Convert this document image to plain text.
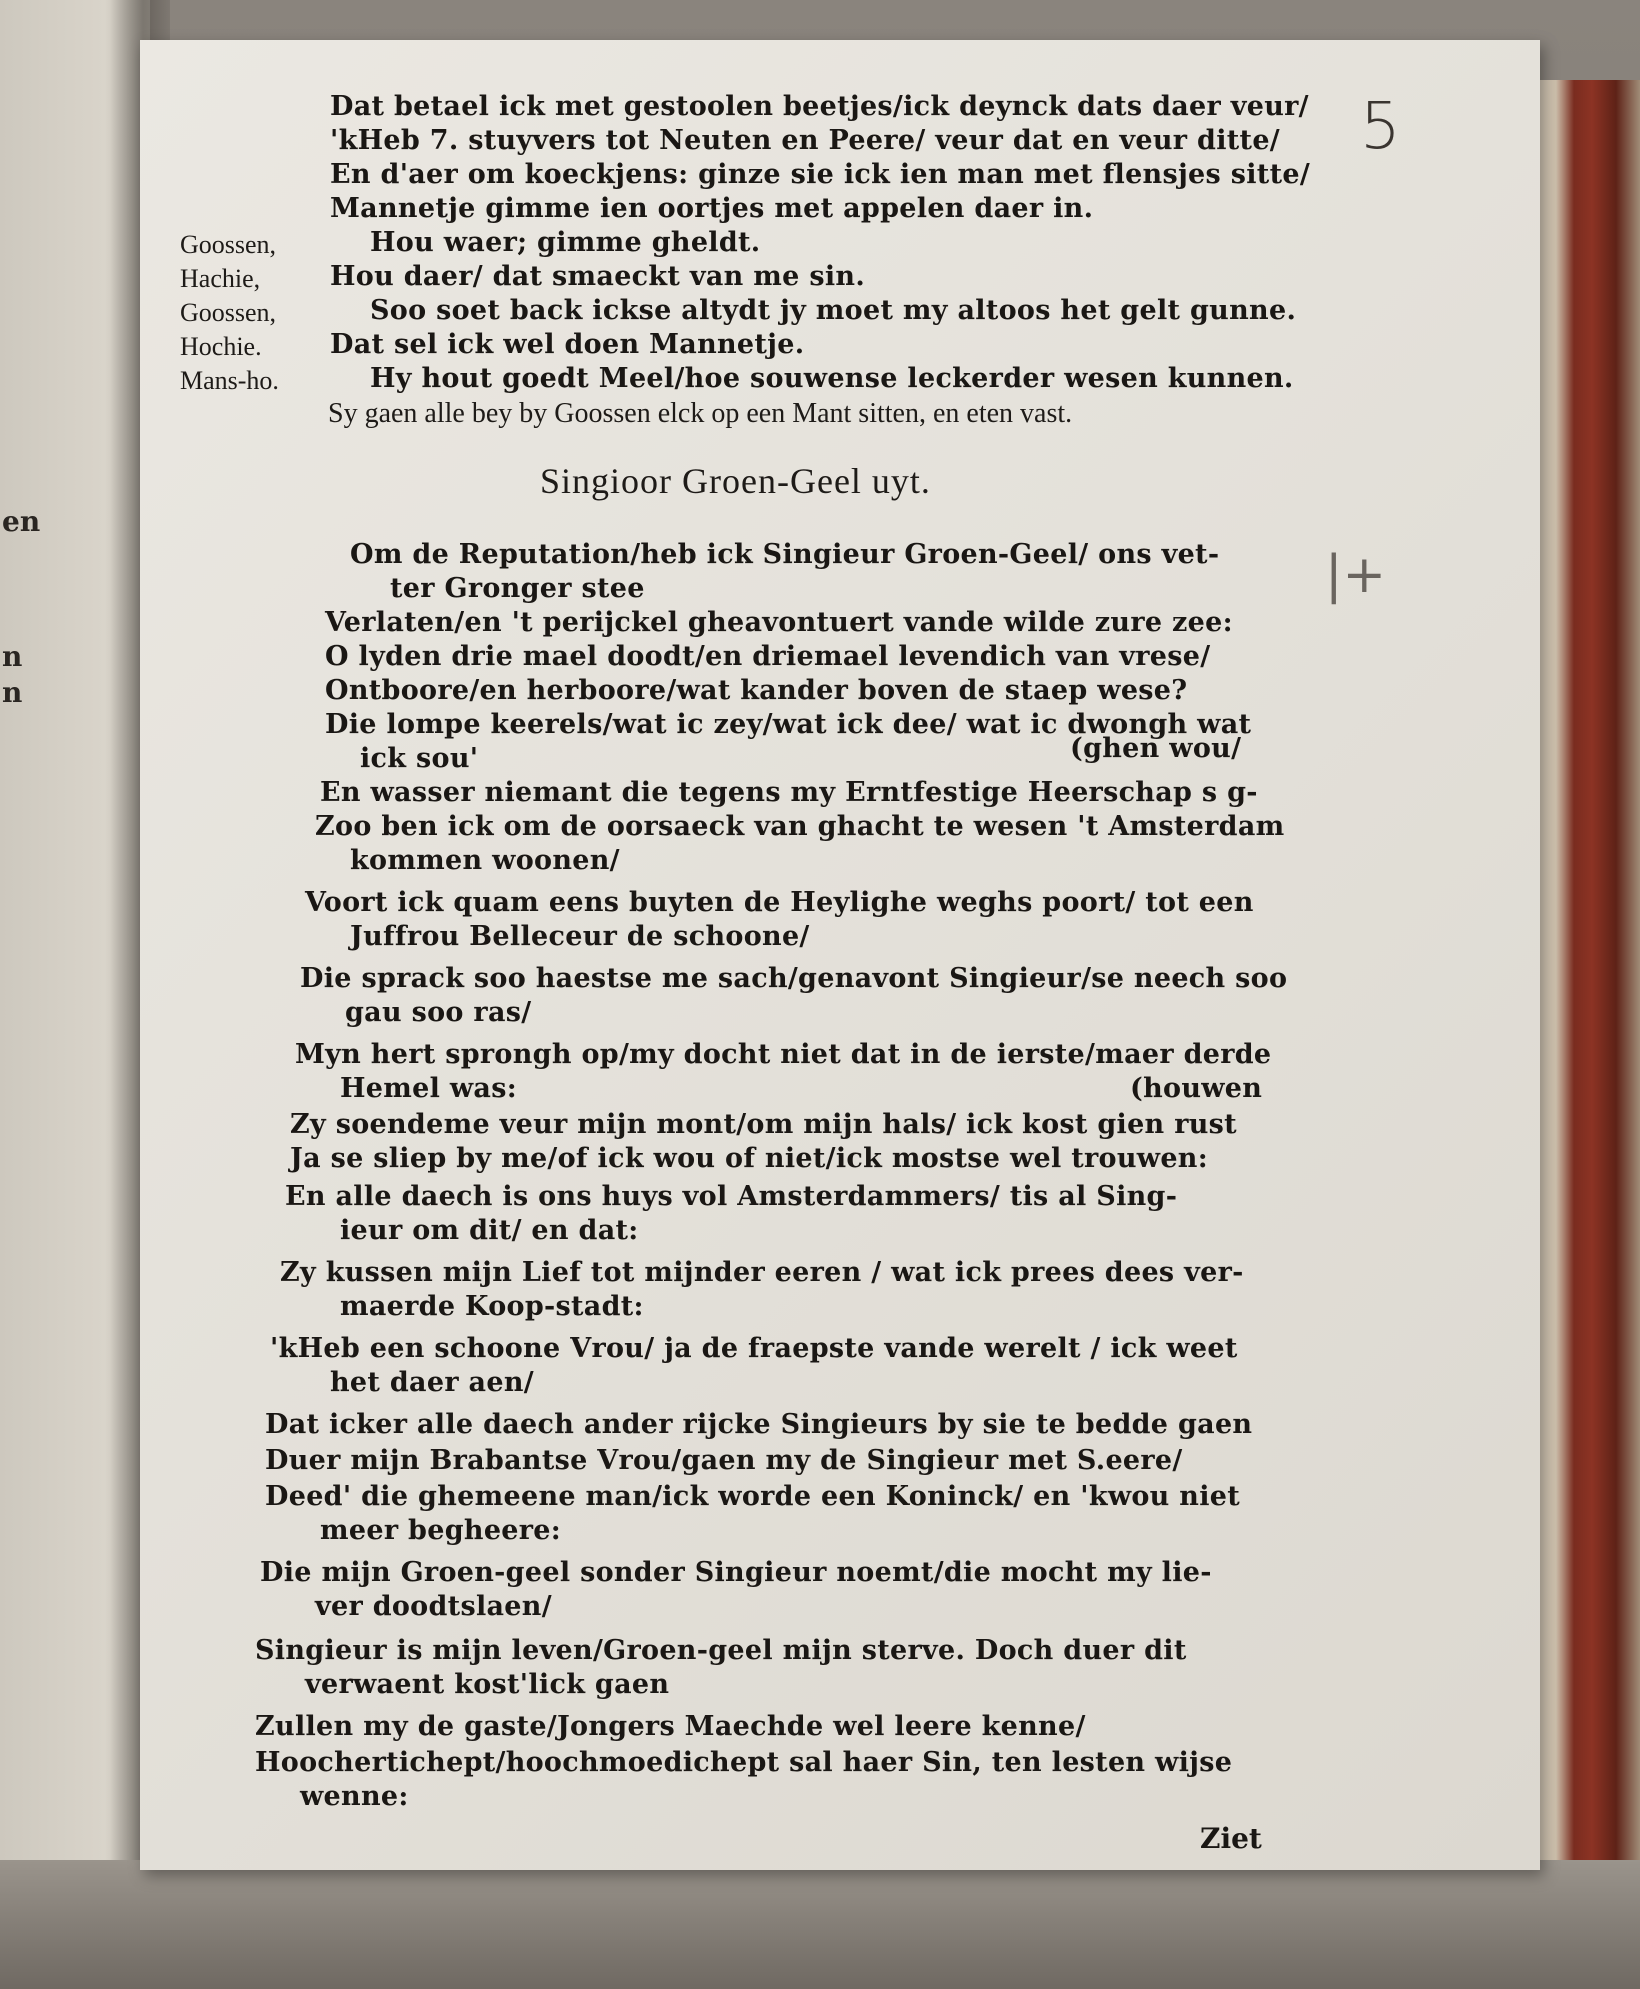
en
n
n
5
|+
Dat betael ick met gestoolen beetjes/ick deynck dats daer veur/
'kHeb 7. stuyvers tot Neuten en Peere/ veur dat en veur ditte/
En d'aer om koeckjens: ginze sie ick ien man met flensjes sitte/
Mannetje gimme ien oortjes met appelen daer in.
Goossen,	Hou waer; gimme gheldt.
Hachie,	Hou daer/ dat smaeckt van me sin.
Goossen,	Soo soet back ickse altydt jy moet my altoos het gelt gunne.
Hochie.	Dat sel ick wel doen Mannetje.
Mans-ho.	Hy hout goedt Meel/hoe souwense leckerder wesen kunnen.
Sy gaen alle bey by Goossen elck op een Mant sitten, en eten vast.
Singioor Groen-Geel uyt.
Om de Reputation/heb ick Singieur Groen-Geel/ ons vet-
ter Gronger stee
Verlaten/en 't perijckel gheavontuert vande wilde zure zee:
O lyden drie mael doodt/en driemael levendich van vrese/
Ontboore/en herboore/wat kander boven de staep wese?
Die lompe keerels/wat ic zey/wat ick dee/ wat ic dwongh wat
ick sou'	(ghen wou/
En wasser niemant die tegens my Erntfestige Heerschap s g-
Zoo ben ick om de oorsaeck van ghacht te wesen 't Amsterdam
kommen woonen/
Voort ick quam eens buyten de Heylighe weghs poort/ tot een
Juffrou Belleceur de schoone/
Die sprack soo haestse me sach/genavont Singieur/se neech soo
gau soo ras/
Myn hert sprongh op/my docht niet dat in de ierste/maer derde
Hemel was:	(houwen
Zy soendeme veur mijn mont/om mijn hals/ ick kost gien rust
Ja se sliep by me/of ick wou of niet/ick mostse wel trouwen:
En alle daech is ons huys vol Amsterdammers/ tis al Sing-
ieur om dit/ en dat:
Zy kussen mijn Lief tot mijnder eeren / wat ick prees dees ver-
maerde Koop-stadt:
'kHeb een schoone Vrou/ ja de fraepste vande werelt / ick weet
het daer aen/
Dat icker alle daech ander rijcke Singieurs by sie te bedde gaen
Duer mijn Brabantse Vrou/gaen my de Singieur met S.eere/
Deed' die ghemeene man/ick worde een Koninck/ en 'kwou niet
meer begheere:
Die mijn Groen-geel sonder Singieur noemt/die mocht my lie-
ver doodtslaen/
Singieur is mijn leven/Groen-geel mijn sterve. Doch duer dit
verwaent kost'lick gaen
Zullen my de gaste/Jongers Maechde wel leere kenne/
Hoochertichept/hoochmoedichept sal haer Sin, ten lesten wijse
wenne:
Ziet
